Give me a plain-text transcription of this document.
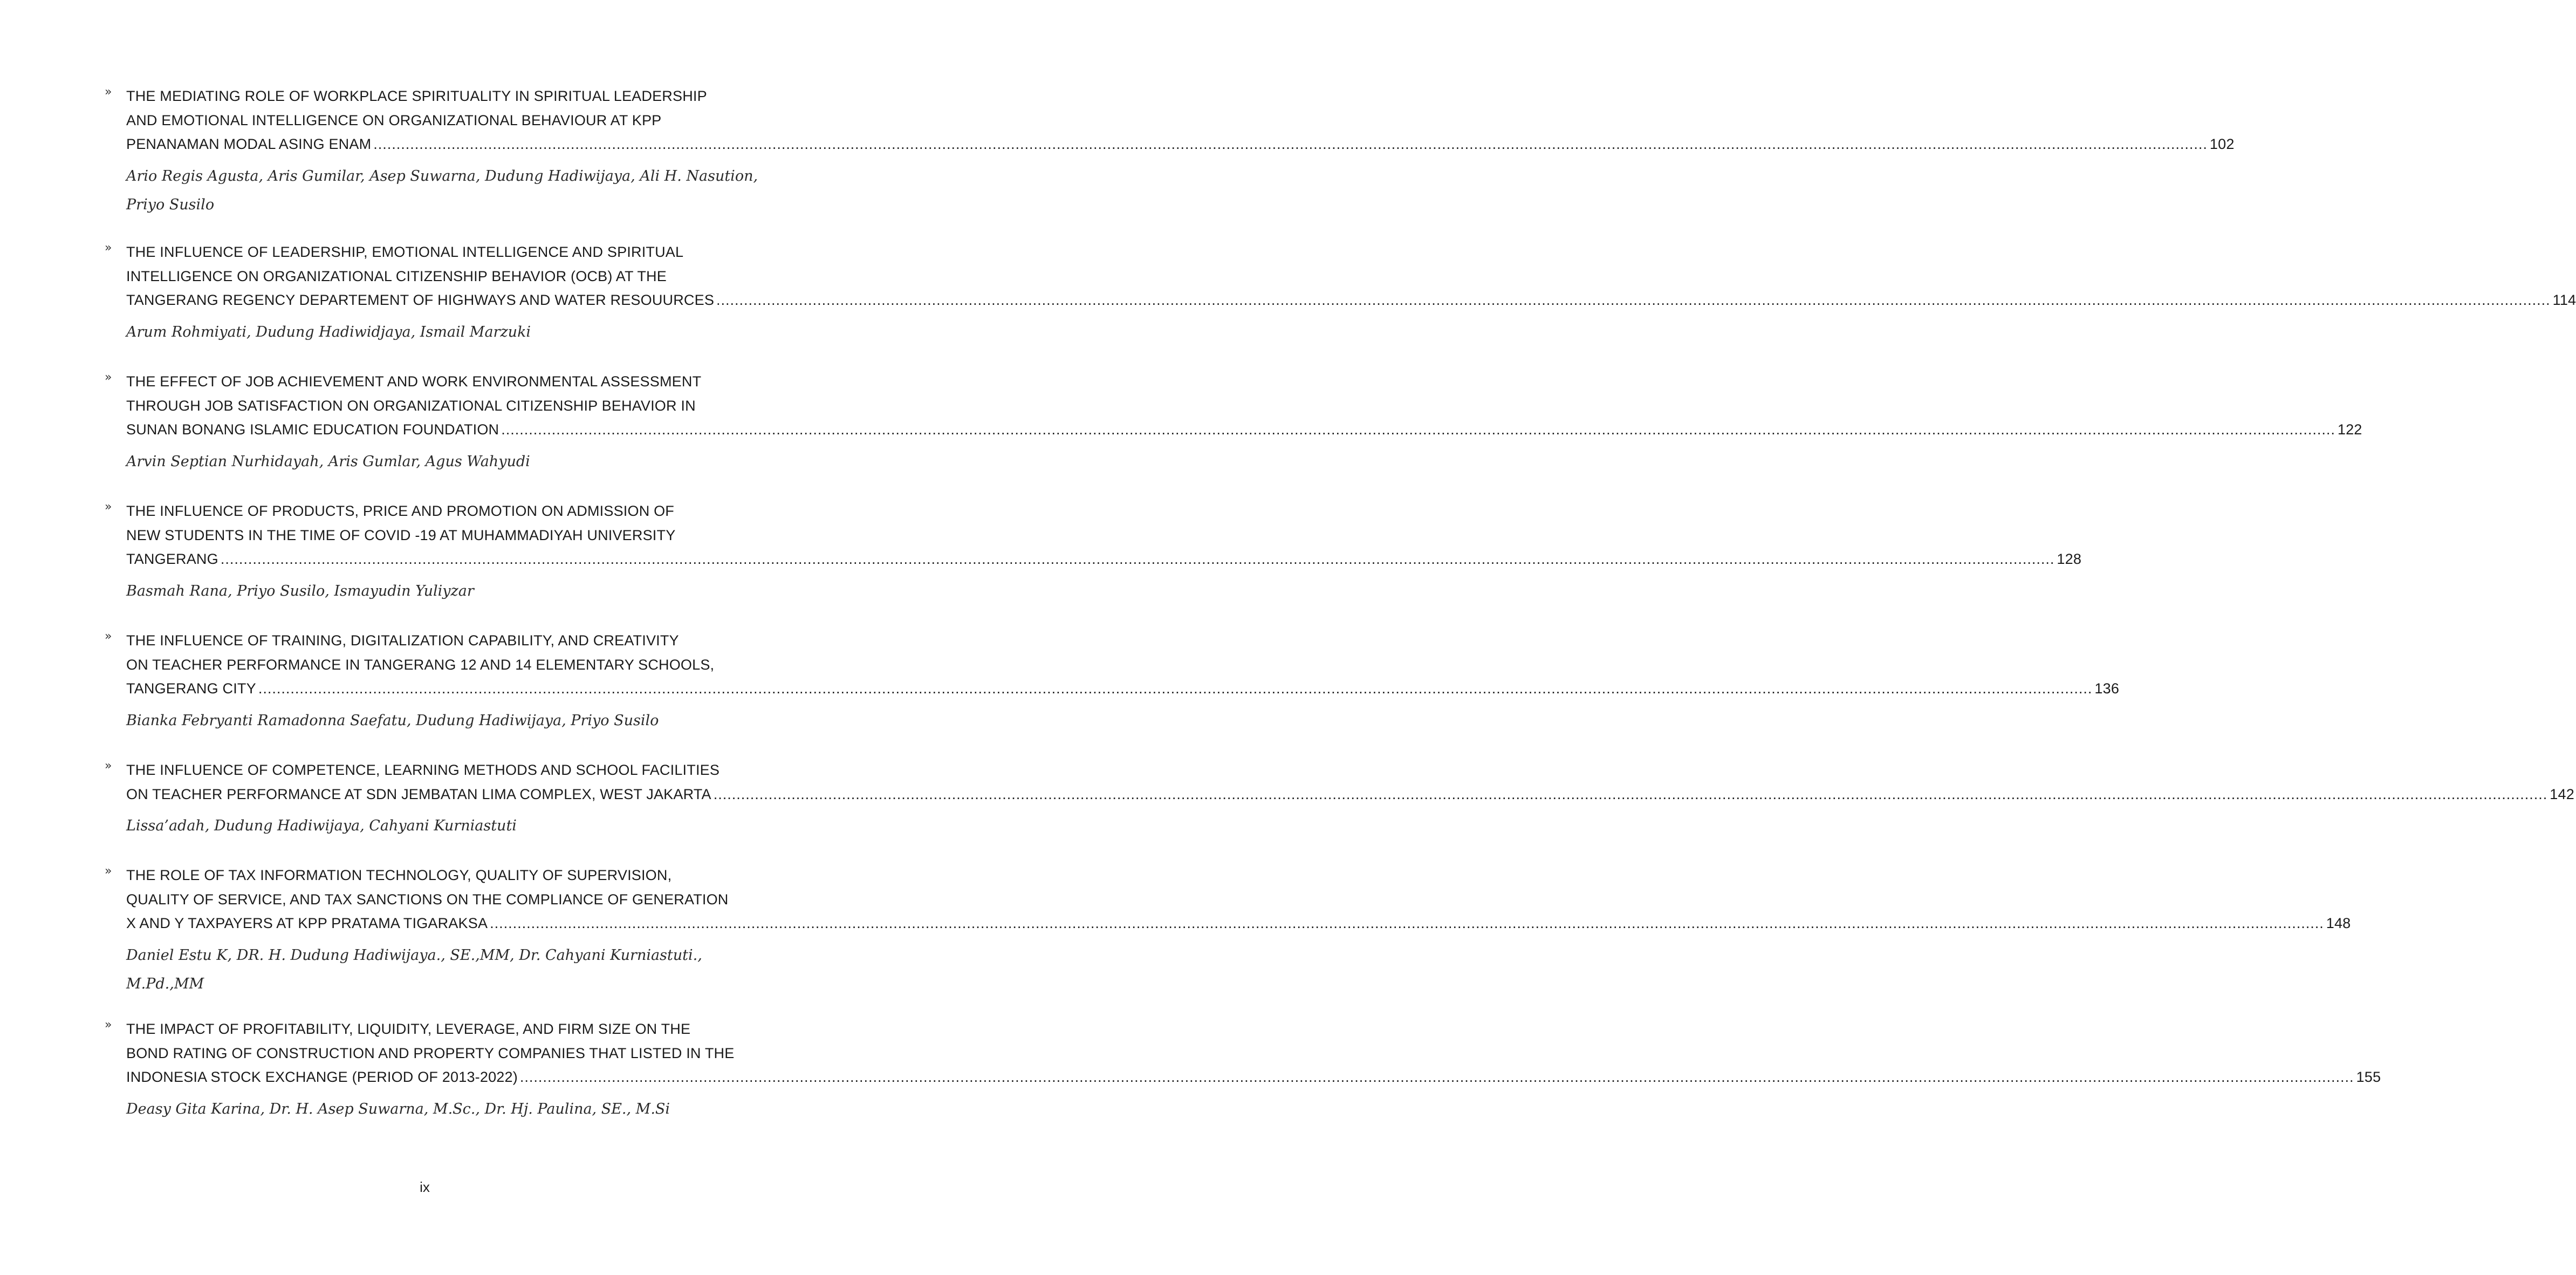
» THE MEDIATING ROLE OF WORKPLACE SPIRITUALITY IN SPIRITUAL LEADERSHIP
AND EMOTIONAL INTELLIGENCE ON ORGANIZATIONAL BEHAVIOUR AT KPP
PENANAMAN MODAL ASING ENAM ................................................................................................................................................................................................................................................................................................................................................................................................................ 102
Ario Regis Agusta, Aris Gumilar, Asep Suwarna, Dudung Hadiwijaya, Ali H. Nasution, Priyo Susilo
» THE INFLUENCE OF LEADERSHIP, EMOTIONAL INTELLIGENCE AND SPIRITUAL
INTELLIGENCE ON ORGANIZATIONAL CITIZENSHIP BEHAVIOR (OCB) AT THE
TANGERANG REGENCY DEPARTEMENT OF HIGHWAYS AND WATER RESOUURCES ................................................................................................................................................................................................................................................................................................................................................................................................................ 114
Arum Rohmiyati, Dudung Hadiwidjaya, Ismail Marzuki
» THE EFFECT OF JOB ACHIEVEMENT AND WORK ENVIRONMENTAL ASSESSMENT
THROUGH JOB SATISFACTION ON ORGANIZATIONAL CITIZENSHIP BEHAVIOR IN
SUNAN BONANG ISLAMIC EDUCATION FOUNDATION ................................................................................................................................................................................................................................................................................................................................................................................................................ 122
Arvin Septian Nurhidayah, Aris Gumlar, Agus Wahyudi
» THE INFLUENCE OF PRODUCTS, PRICE AND PROMOTION ON ADMISSION OF
NEW STUDENTS IN THE TIME OF COVID -19 AT MUHAMMADIYAH UNIVERSITY
TANGERANG ................................................................................................................................................................................................................................................................................................................................................................................................................ 128
Basmah Rana, Priyo Susilo, Ismayudin Yuliyzar
» THE INFLUENCE OF TRAINING, DIGITALIZATION CAPABILITY, AND CREATIVITY
ON TEACHER PERFORMANCE IN TANGERANG 12 AND 14 ELEMENTARY SCHOOLS,
TANGERANG CITY ................................................................................................................................................................................................................................................................................................................................................................................................................ 136
Bianka Febryanti Ramadonna Saefatu, Dudung Hadiwijaya, Priyo Susilo
» THE INFLUENCE OF COMPETENCE, LEARNING METHODS AND SCHOOL FACILITIES
ON TEACHER PERFORMANCE AT SDN JEMBATAN LIMA COMPLEX, WEST JAKARTA ................................................................................................................................................................................................................................................................................................................................................................................................................ 142
Lissa’adah, Dudung Hadiwijaya, Cahyani Kurniastuti
» THE ROLE OF TAX INFORMATION TECHNOLOGY, QUALITY OF SUPERVISION,
QUALITY OF SERVICE, AND TAX SANCTIONS ON THE COMPLIANCE OF GENERATION
X AND Y TAXPAYERS AT KPP PRATAMA TIGARAKSA ................................................................................................................................................................................................................................................................................................................................................................................................................ 148
Daniel Estu K, DR. H. Dudung Hadiwijaya., SE.,MM, Dr. Cahyani Kurniastuti., M.Pd.,MM
» THE IMPACT OF PROFITABILITY, LIQUIDITY, LEVERAGE, AND FIRM SIZE ON THE
BOND RATING OF CONSTRUCTION AND PROPERTY COMPANIES THAT LISTED IN THE
INDONESIA STOCK EXCHANGE (PERIOD OF 2013-2022) ................................................................................................................................................................................................................................................................................................................................................................................................................ 155
Deasy Gita Karina, Dr. H. Asep Suwarna, M.Sc., Dr. Hj. Paulina, SE., M.Si
ix
